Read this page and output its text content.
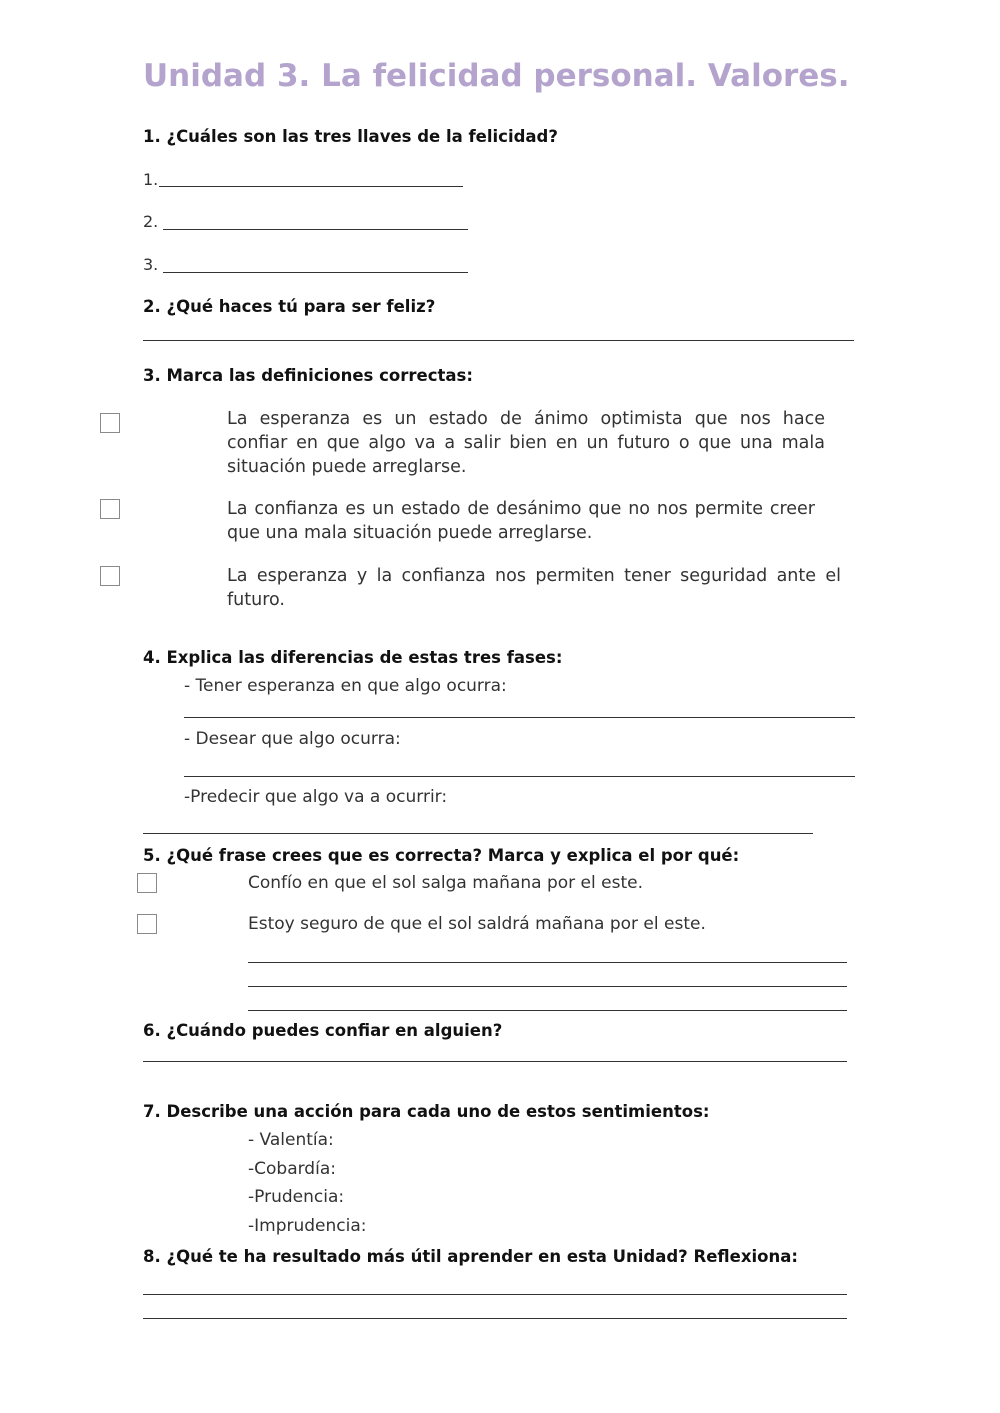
Unidad 3. La felicidad personal. Valores.
1. ¿Cuáles son las tres llaves de la felicidad?
1.
2.
3.
2. ¿Qué haces tú para ser feliz?
3. Marca las definiciones correctas:
La esperanza es un estado de ánimo optimista que nos hace confiar en que algo va a salir bien en un futuro o que una mala situación puede arreglarse.
La confianza es un estado de desánimo que no nos permite creer que una mala situación puede arreglarse.
La esperanza y la confianza nos permiten tener seguridad ante el futuro.
4. Explica las diferencias de estas tres fases:
- Tener esperanza en que algo ocurra:
- Desear que algo ocurra:
-Predecir que algo va a ocurrir:
5. ¿Qué frase crees que es correcta? Marca y explica el por qué:
Confío en que el sol salga mañana por el este.
Estoy seguro de que el sol saldrá mañana por el este.
6. ¿Cuándo puedes confiar en alguien?
7. Describe una acción para cada uno de estos sentimientos:
- Valentía:
-Cobardía:
-Prudencia:
-Imprudencia:
8. ¿Qué te ha resultado más útil aprender en esta Unidad? Reflexiona:
